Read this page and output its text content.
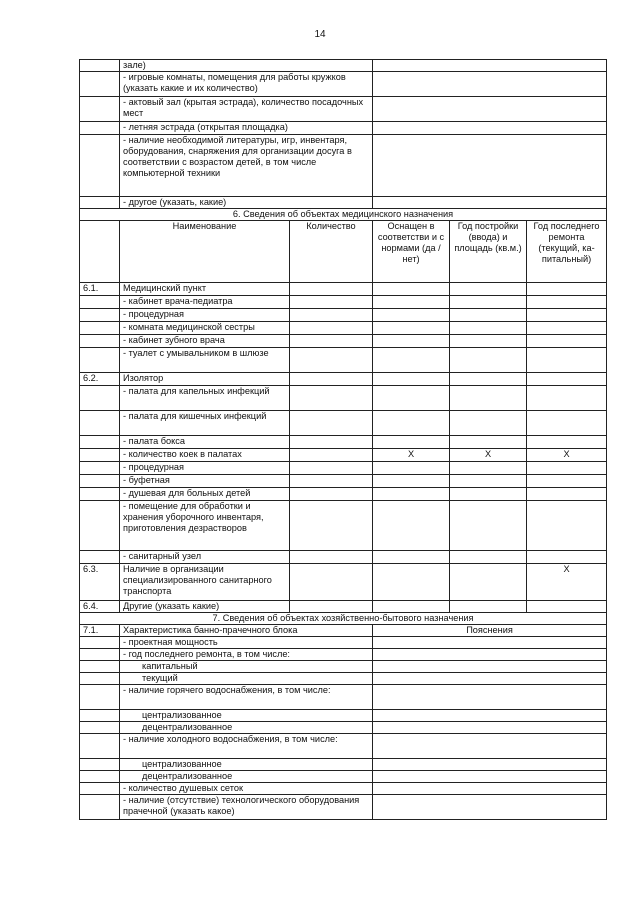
14
	зале)				
	- игровые комнаты, помещения для работы кружков (указать какие и их количество)				
	- актовый зал (крытая эстрада), количество посадочных мест				
	- летняя эстрада (открытая площадка)				
	- наличие необходимой литературы, игр, инвентаря, оборудования, снаряжения для организации досуга в соответствии с возрастом детей, в том числе компьютерной техники				
	- другое (указать, какие)				
6. Сведения об объектах медицинского назначения					
	Наименование	Количество	Оснащен в соответстви и с нормами (да / нет)	Год постройки (ввода) и площадь (кв.м.)	Год последнего ремонта (текущий, ка-питальный)
6.1.	Медицинский пункт				
	- кабинет врача-педиатра				
	- процедурная				
	- комната медицинской сестры				
	- кабинет зубного врача				
	- туалет с умывальником в шлюзе				
6.2.	Изолятор				
	- палата для капельных инфекций				
	- палата для кишечных инфекций				
	- палата бокса				
	- количество коек в палатах		X	X	X
	- процедурная				
	- буфетная				
	- душевая для больных детей				
	- помещение для обработки и хранения уборочного инвентаря, приготовления дезрастворов				
	- санитарный узел				
6.3.	Наличие в организации специализированного санитарного транспорта				X
6.4.	Другие (указать какие)				
7. Сведения об объектах хозяйственно-бытового назначения					
7.1.	Характеристика банно-прачечного блока		Пояснения		
	- проектная мощность				
	- год последнего ремонта, в том числе:				
	капитальный				
	текущий				
	- наличие горячего водоснабжения, в том числе:				
	централизованное				
	децентрализованное				
	- наличие холодного водоснабжения, в том числе:				
	централизованное				
	децентрализованное				
	- количество душевых сеток				
	- наличие (отсутствие) технологического оборудования прачечной (указать какое)				
